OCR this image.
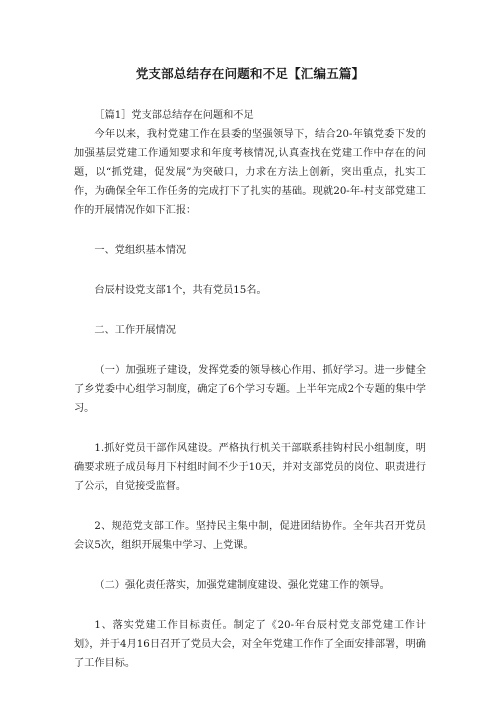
党支部总结存在问题和不足【汇编五篇】

［篇1］党支部总结存在问题和不足

今年以来，我村党建工作在县委的坚强领导下，结合20-年镇党委下发的加强基层党建工作通知要求和年度考核情况,认真查找在党建工作中存在的问题，以“抓党建，促发展”为突破口，力求在方法上创新，突出重点，扎实工作，为确保全年工作任务的完成打下了扎实的基础。现就20-年-村支部党建工作的开展情况作如下汇报：

一、党组织基本情况

台辰村设党支部1个，共有党员15名。

二、工作开展情况

（一）加强班子建设，发挥党委的领导核心作用、抓好学习。进一步健全了乡党委中心组学习制度，确定了6个学习专题。上半年完成2个专题的集中学习。

1.抓好党员干部作风建设。严格执行机关干部联系挂钩村民小组制度，明确要求班子成员每月下村组时间不少于10天，并对支部党员的岗位、职责进行了公示，自觉接受监督。

2、规范党支部工作。坚持民主集中制，促进团结协作。全年共召开党员会议5次，组织开展集中学习、上党课。

（二）强化责任落实，加强党建制度建设、强化党建工作的领导。

1、落实党建工作目标责任。制定了《20-年台辰村党支部党建工作计划》，并于4月16日召开了党员大会，对全年党建工作作了全面安排部署，明确了工作目标。
